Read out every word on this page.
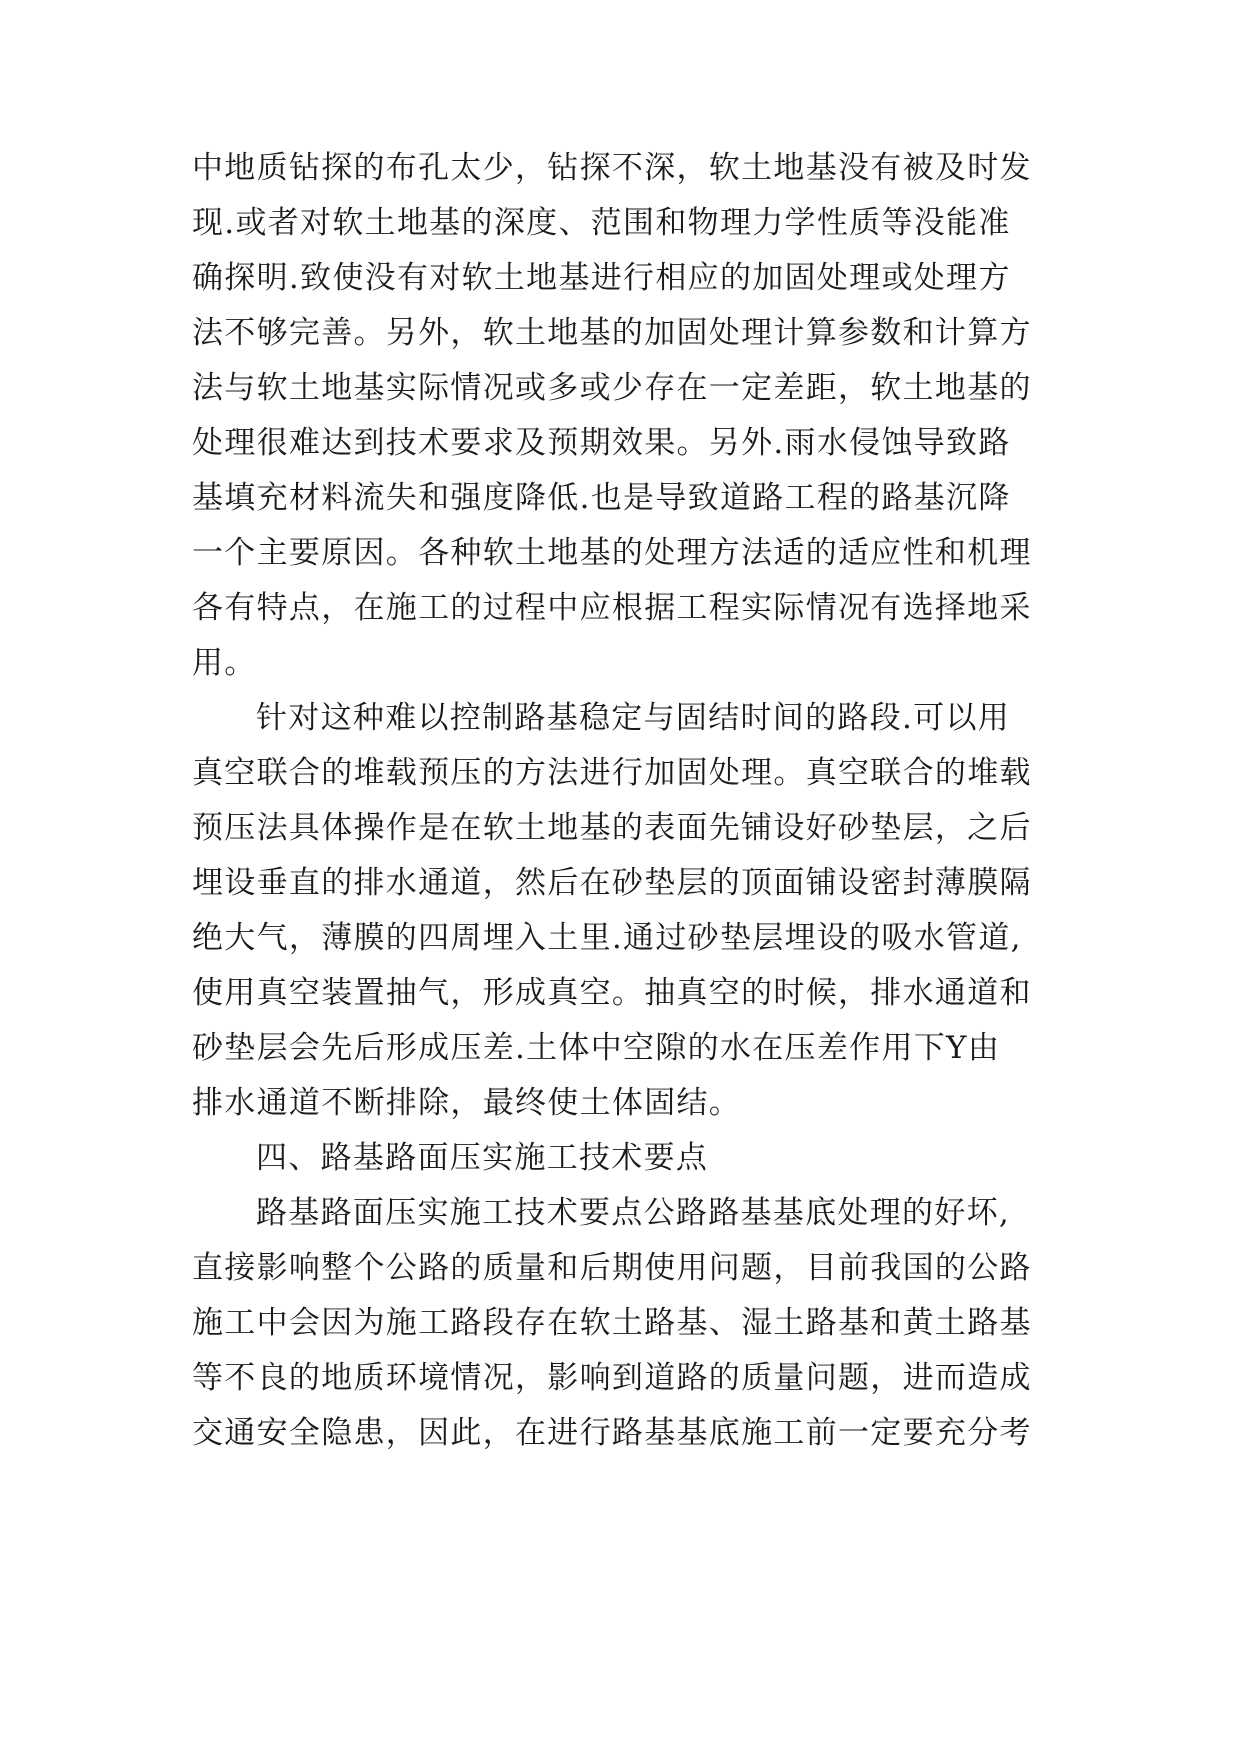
中地质钻探的布孔太少，钻探不深，软土地基没有被及时发
现.或者对软土地基的深度、范围和物理力学性质等没能准
确探明.致使没有对软土地基进行相应的加固处理或处理方
法不够完善。另外，软土地基的加固处理计算参数和计算方
法与软土地基实际情况或多或少存在一定差距，软土地基的
处理很难达到技术要求及预期效果。另外.雨水侵蚀导致路
基填充材料流失和强度降低.也是导致道路工程的路基沉降
一个主要原因。各种软土地基的处理方法适的适应性和机理
各有特点，在施工的过程中应根据工程实际情况有选择地采
用。
针对这种难以控制路基稳定与固结时间的路段.可以用
真空联合的堆载预压的方法进行加固处理。真空联合的堆载
预压法具体操作是在软土地基的表面先铺设好砂垫层，之后
埋设垂直的排水通道，然后在砂垫层的顶面铺设密封薄膜隔
绝大气，薄膜的四周埋入土里.通过砂垫层埋设的吸水管道,
使用真空装置抽气，形成真空。抽真空的时候，排水通道和
砂垫层会先后形成压差.土体中空隙的水在压差作用下Y由
排水通道不断排除，最终使土体固结。
四、路基路面压实施工技术要点
路基路面压实施工技术要点公路路基基底处理的好坏,
直接影响整个公路的质量和后期使用问题，目前我国的公路
施工中会因为施工路段存在软土路基、湿土路基和黄土路基
等不良的地质环境情况，影响到道路的质量问题，进而造成
交通安全隐患，因此，在进行路基基底施工前一定要充分考
